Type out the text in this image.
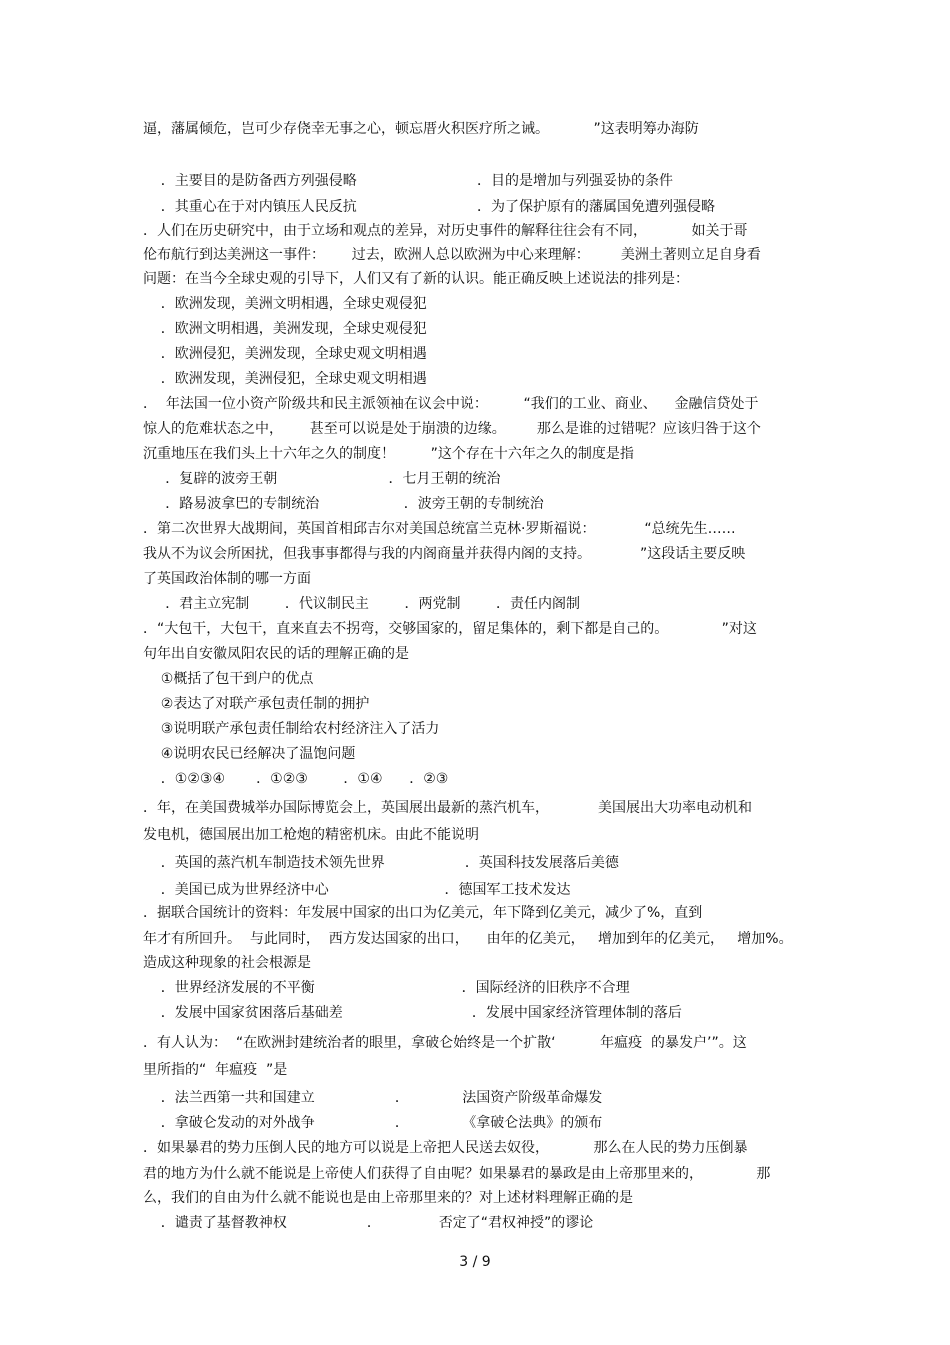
逼，藩属倾危，岂可少存侥幸无事之心，顿忘厝火积医疗所之诫。          ”这表明筹办海防
．主要目的是防备西方列强侵略                           ．目的是增加与列强妥协的条件
．其重心在于对内镇压人民反抗                           ．为了保护原有的藩属国免遭列强侵略
．人们在历史研究中，由于立场和观点的差异，对历史事件的解释往往会有不同，          如关于哥
伦布航行到达美洲这一事件：      过去，欧洲人总以欧洲为中心来理解：       美洲土著则立足自身看
问题：在当今全球史观的引导下，人们又有了新的认识。能正确反映上述说法的排列是：
．欧洲发现，美洲文明相遇，全球史观侵犯
．欧洲文明相遇，美洲发现，全球史观侵犯
．欧洲侵犯，美洲发现，全球史观文明相遇
．欧洲发现，美洲侵犯，全球史观文明相遇
．  年法国一位小资产阶级共和民主派领袖在议会中说：        “我们的工业、商业、    金融信贷处于
惊人的危难状态之中，      甚至可以说是处于崩溃的边缘。       那么是谁的过错呢？应该归咎于这个
沉重地压在我们头上十六年之久的制度！        ”这个存在十六年之久的制度是指
．复辟的波旁王朝                         ．七月王朝的统治
．路易波拿巴的专制统治                   ．波旁王朝的专制统治
．第二次世界大战期间，英国首相邱吉尔对美国总统富兰克林·罗斯福说：           “总统先生……
我从不为议会所困扰，但我事事都得与我的内阁商量并获得内阁的支持。           ”这段话主要反映
了英国政治体制的哪一方面
．君主立宪制        ．代议制民主        ．两党制        ．责任内阁制
．“大包干，大包干，直来直去不拐弯，交够国家的，留足集体的，剩下都是自己的。            ”对这
句年出自安徽凤阳农民的话的理解正确的是
①概括了包干到户的优点
②表达了对联产承包责任制的拥护
③说明联产承包责任制给农村经济注入了活力
④说明农民已经解决了温饱问题
．①②③④       ．①②③        ．①④      ．②③
．年，在美国费城举办国际博览会上，英国展出最新的蒸汽机车，           美国展出大功率电动机和
发电机，德国展出加工枪炮的精密机床。由此不能说明
．英国的蒸汽机车制造技术领先世界                  ．英国科技发展落后美德
．美国已成为世界经济中心                          ．德国军工技术发达
．据联合国统计的资料：年发展中国家的出口为亿美元，年下降到亿美元，减少了%，直到
年才有所回升。  与此同时，  西方发达国家的出口，    由年的亿美元，   增加到年的亿美元，   增加%。
造成这种现象的社会根源是
．世界经济发展的不平衡                                 ．国际经济的旧秩序不合理
．发展中国家贫困落后基础差                             ．发展中国家经济管理体制的落后
．有人认为：  “在欧洲封建统治者的眼里，拿破仑始终是一个扩散‘          年瘟疫  的暴发户’”。这
里所指的“  年瘟疫  ”是
．法兰西第一共和国建立                  ．            法国资产阶级革命爆发
．拿破仑发动的对外战争                  ．            《拿破仑法典》的颁布
．如果暴君的势力压倒人民的地方可以说是上帝把人民送去奴役，          那么在人民的势力压倒暴
君的地方为什么就不能说是上帝使人们获得了自由呢？如果暴君的暴政是由上帝那里来的，            那
么，我们的自由为什么就不能说也是由上帝那里来的？对上述材料理解正确的是
．谴责了基督教神权                  ．             否定了“君权神授”的谬论
3 / 9
